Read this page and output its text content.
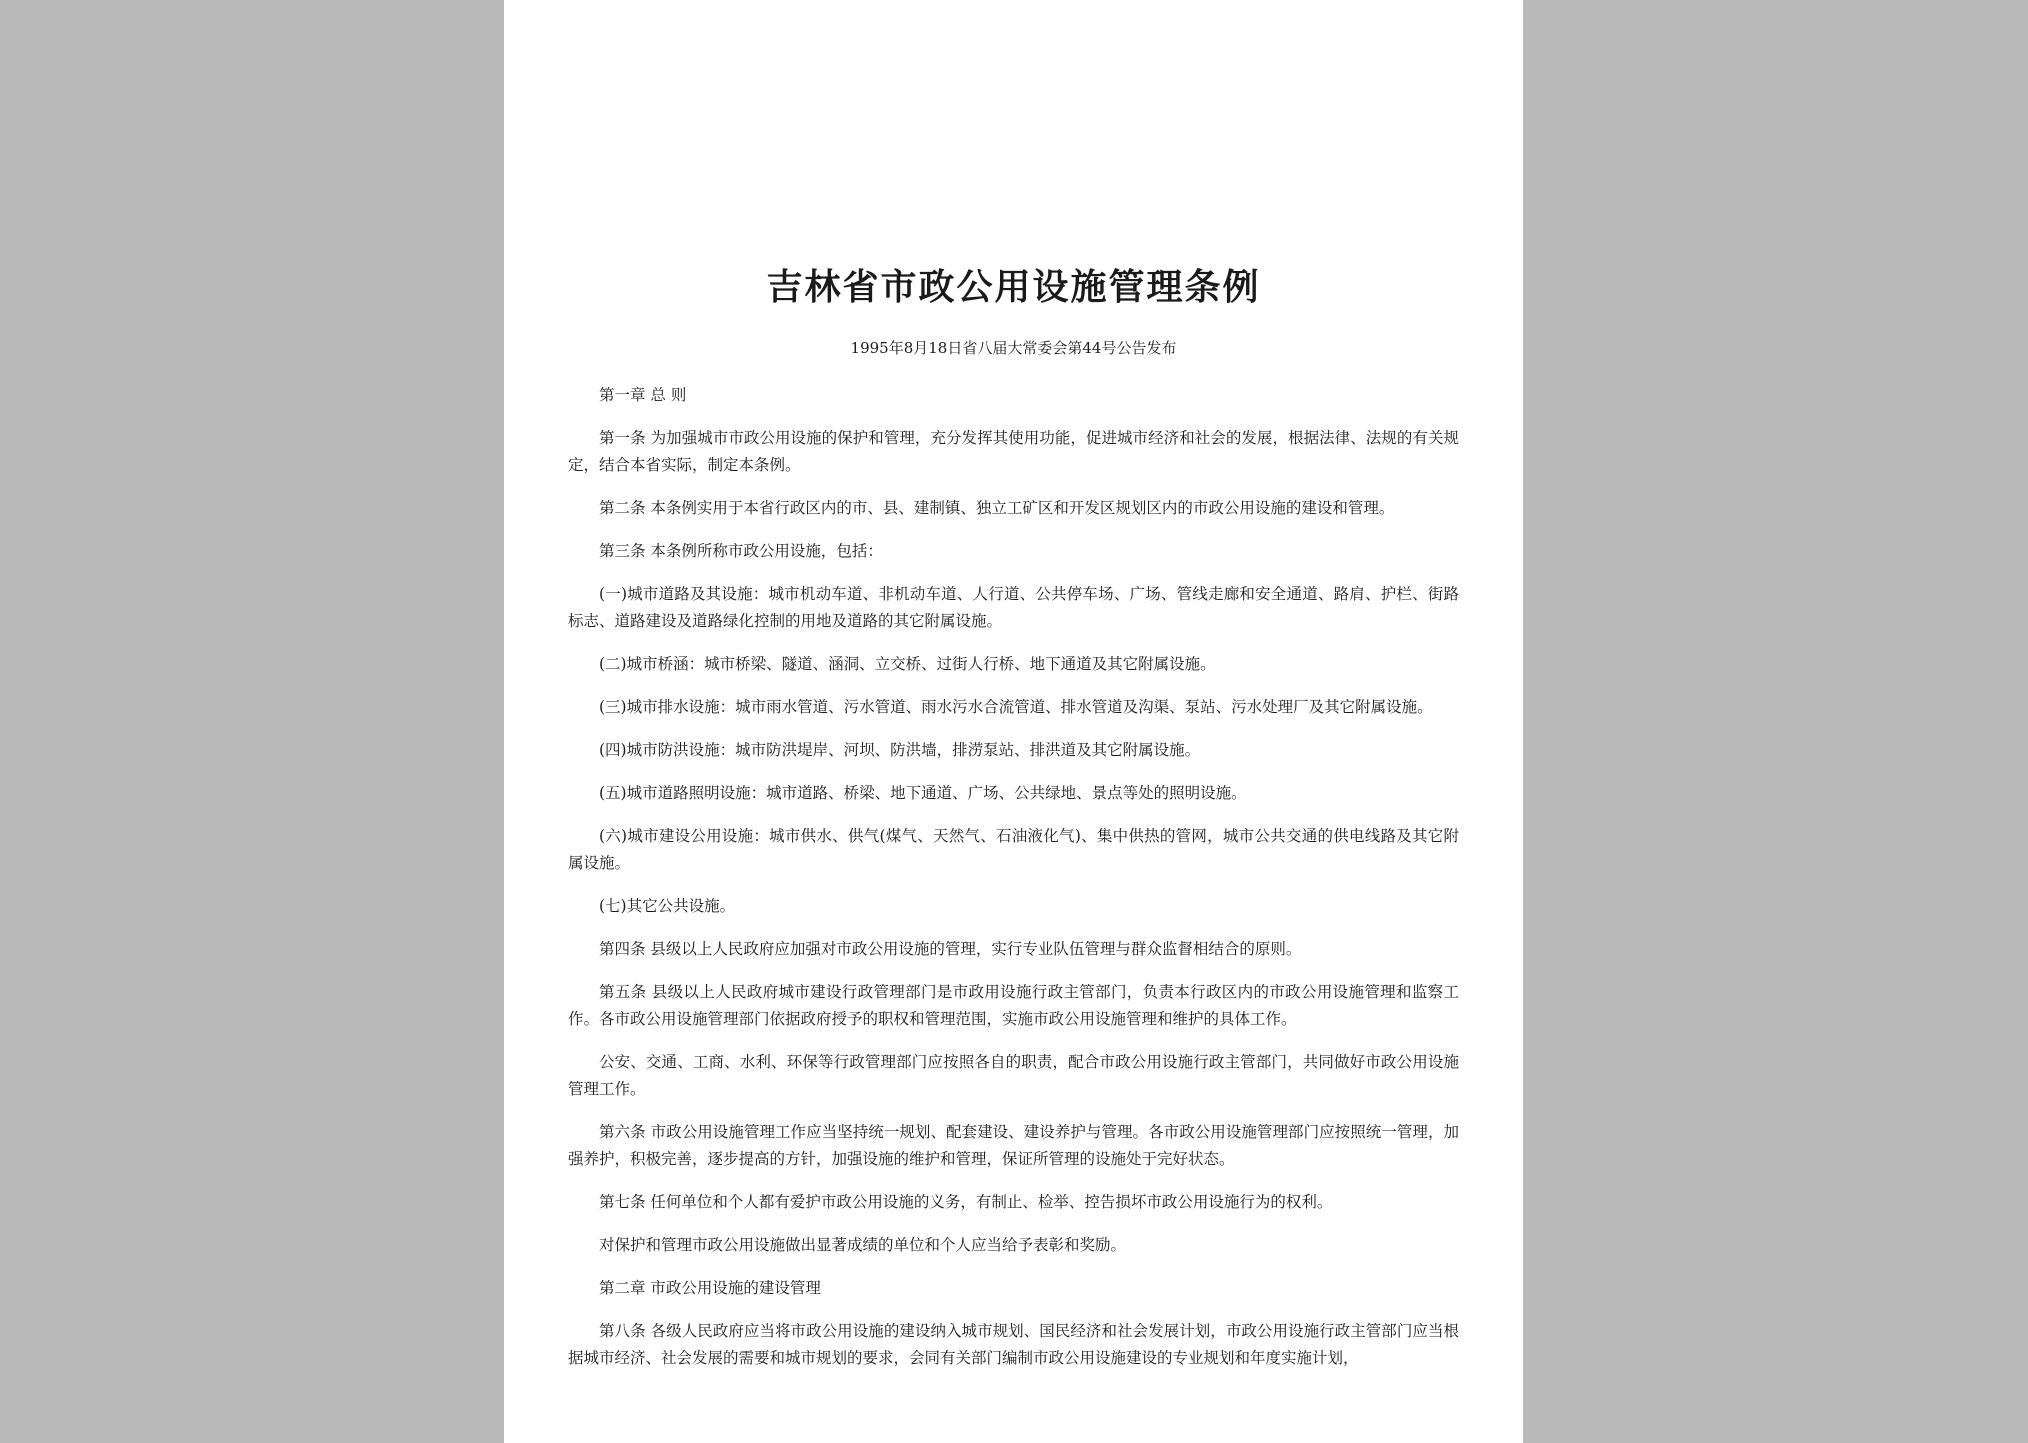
吉林省市政公用设施管理条例
1995年8月18日省八届大常委会第44号公告发布

第一章 总 则

第一条 为加强城市市政公用设施的保护和管理，充分发挥其使用功能，促进城市经济和社会的发展，根据法律、法规的有关规定，结合本省实际，制定本条例。

第二条 本条例实用于本省行政区内的市、县、建制镇、独立工矿区和开发区规划区内的市政公用设施的建设和管理。

第三条 本条例所称市政公用设施，包括：

(一)城市道路及其设施：城市机动车道、非机动车道、人行道、公共停车场、广场、管线走廊和安全通道、路肩、护栏、街路标志、道路建设及道路绿化控制的用地及道路的其它附属设施。

(二)城市桥涵：城市桥梁、隧道、涵洞、立交桥、过街人行桥、地下通道及其它附属设施。

(三)城市排水设施：城市雨水管道、污水管道、雨水污水合流管道、排水管道及沟渠、泵站、污水处理厂及其它附属设施。

(四)城市防洪设施：城市防洪堤岸、河坝、防洪墙，排涝泵站、排洪道及其它附属设施。

(五)城市道路照明设施：城市道路、桥梁、地下通道、广场、公共绿地、景点等处的照明设施。

(六)城市建设公用设施：城市供水、供气(煤气、天然气、石油液化气)、集中供热的管网，城市公共交通的供电线路及其它附属设施。

(七)其它公共设施。

第四条 县级以上人民政府应加强对市政公用设施的管理，实行专业队伍管理与群众监督相结合的原则。

第五条 县级以上人民政府城市建设行政管理部门是市政用设施行政主管部门，负责本行政区内的市政公用设施管理和监察工作。各市政公用设施管理部门依据政府授予的职权和管理范围，实施市政公用设施管理和维护的具体工作。

公安、交通、工商、水利、环保等行政管理部门应按照各自的职责，配合市政公用设施行政主管部门，共同做好市政公用设施管理工作。

第六条 市政公用设施管理工作应当坚持统一规划、配套建设、建设养护与管理。各市政公用设施管理部门应按照统一管理，加强养护，积极完善，逐步提高的方针，加强设施的维护和管理，保证所管理的设施处于完好状态。

第七条 任何单位和个人都有爱护市政公用设施的义务，有制止、检举、控告损坏市政公用设施行为的权利。

对保护和管理市政公用设施做出显著成绩的单位和个人应当给予表彰和奖励。

第二章 市政公用设施的建设管理

第八条 各级人民政府应当将市政公用设施的建设纳入城市规划、国民经济和社会发展计划，市政公用设施行政主管部门应当根据城市经济、社会发展的需要和城市规划的要求，会同有关部门编制市政公用设施建设的专业规划和年度实施计划，
